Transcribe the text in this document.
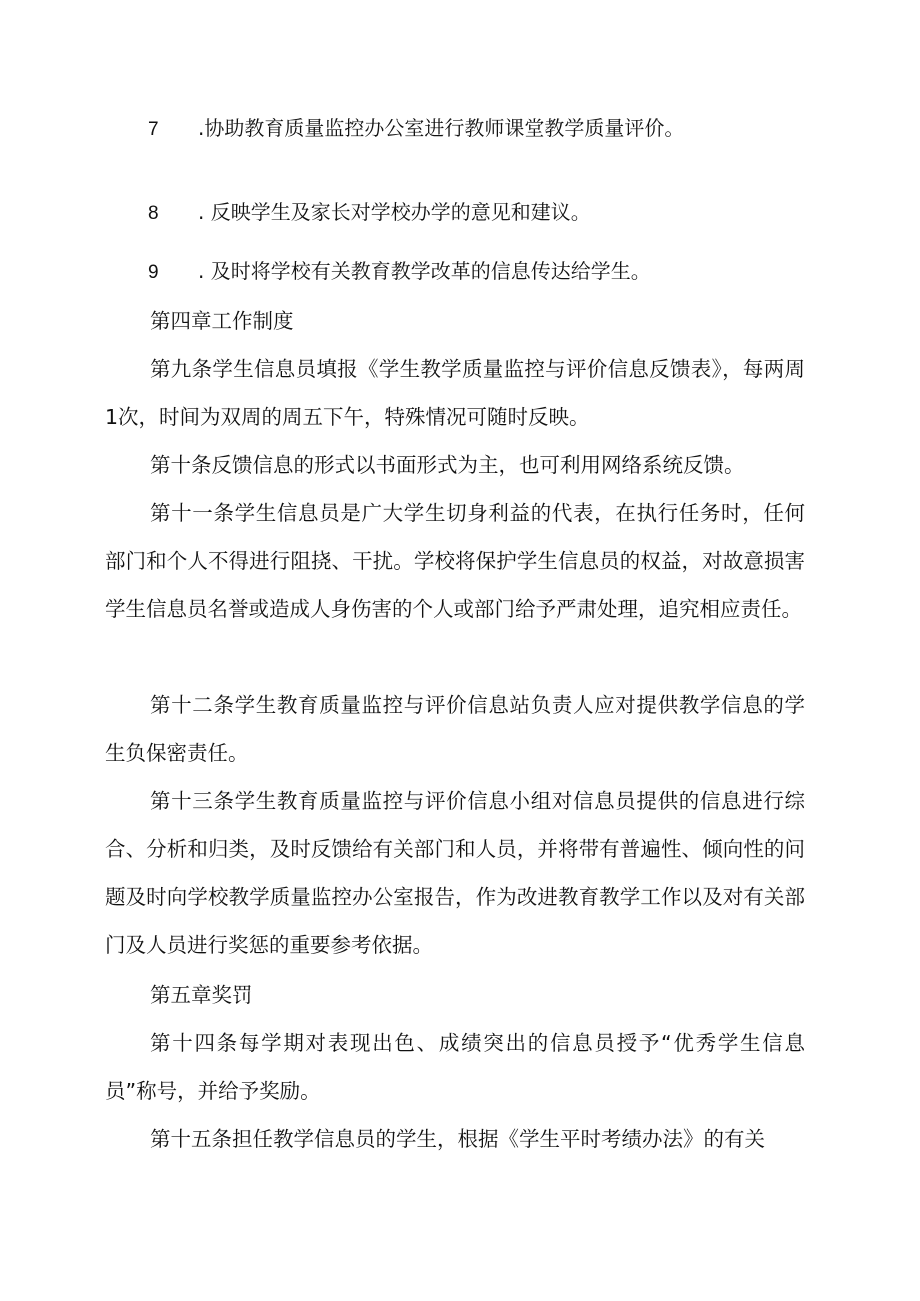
7 .协助教育质量监控办公室进行教师课堂教学质量评价。
8 . 反映学生及家长对学校办学的意见和建议。
9 . 及时将学校有关教育教学改革的信息传达给学生。

第四章工作制度

第九条学生信息员填报《学生教学质量监控与评价信息反馈表》，每两周1次，时间为双周的周五下午，特殊情况可随时反映。

第十条反馈信息的形式以书面形式为主，也可利用网络系统反馈。

第十一条学生信息员是广大学生切身利益的代表，在执行任务时，任何部门和个人不得进行阻挠、干扰。学校将保护学生信息员的权益，对故意损害学生信息员名誉或造成人身伤害的个人或部门给予严肃处理，追究相应责任。

第十二条学生教育质量监控与评价信息站负责人应对提供教学信息的学生负保密责任。

第十三条学生教育质量监控与评价信息小组对信息员提供的信息进行综合、分析和归类，及时反馈给有关部门和人员，并将带有普遍性、倾向性的问题及时向学校教学质量监控办公室报告，作为改进教育教学工作以及对有关部门及人员进行奖惩的重要参考依据。

第五章奖罚

第十四条每学期对表现出色、成绩突出的信息员授予“优秀学生信息员”称号，并给予奖励。

第十五条担任教学信息员的学生，根据《学生平时考绩办法》的有关
